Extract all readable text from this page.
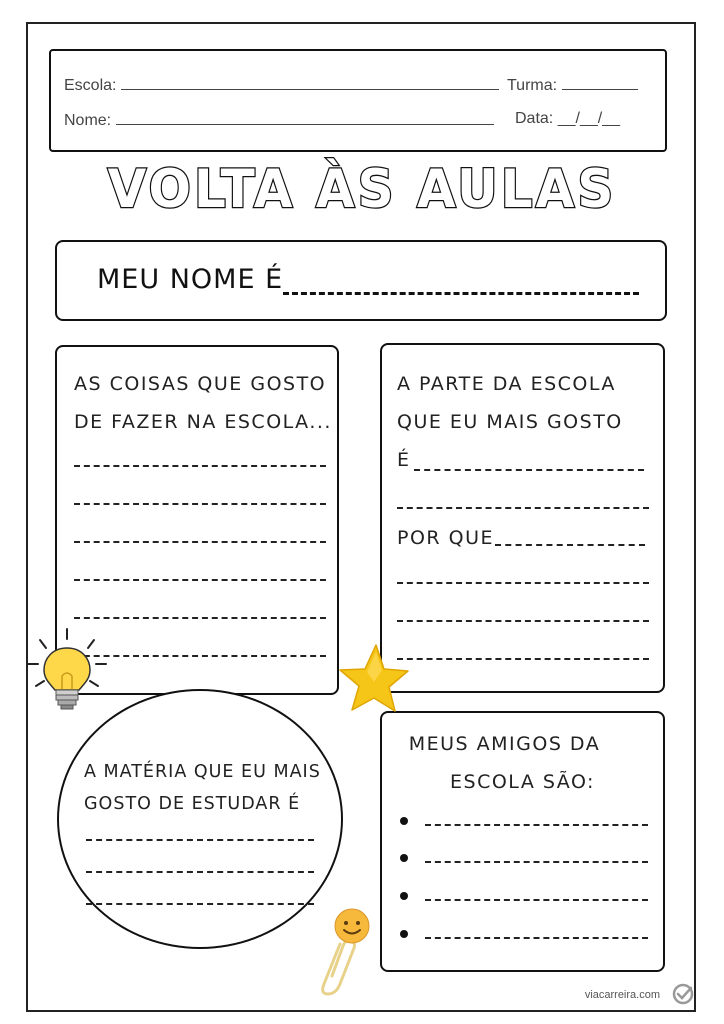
Escola:	Turma:
Nome:	Data: __/__/__
VOLTA ÀS AULAS
MEU NOME É
AS COISAS QUE GOSTO
DE FAZER NA ESCOLA...
A PARTE DA ESCOLA
QUE EU MAIS GOSTO
É
POR QUE
A MATÉRIA QUE EU MAIS
GOSTO DE ESTUDAR É
MEUS AMIGOS DA
ESCOLA SÃO:
viacarreira.com
